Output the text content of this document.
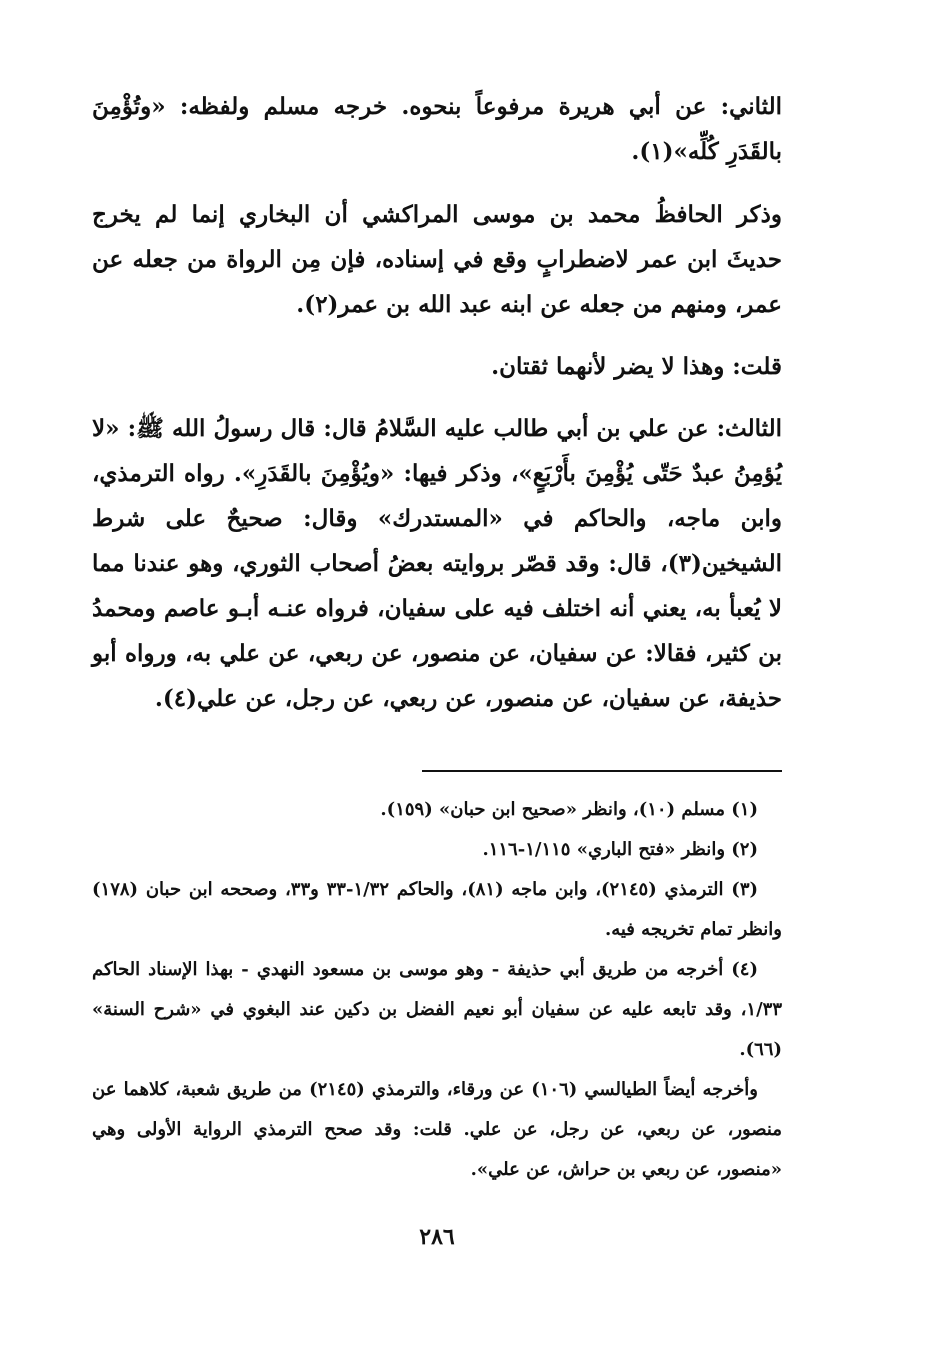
الثاني: عن أبي هريرة مرفوعاً بنحوه. خرجه مسلم ولفظه: «وتُؤْمِنَ بالقَدَرِ كُلِّه»(١).

وذكر الحافظُ محمد بن موسى المراكشي أن البخاري إنما لم يخرج حديثَ ابن عمر لاضطرابٍ وقع في إسناده، فإن مِن الرواة من جعله عن عمر، ومنهم من جعله عن ابنه عبد الله بن عمر(٢).

قلت: وهذا لا يضر لأنهما ثقتان.

الثالث: عن علي بن أبي طالب عليه السَّلامُ قال: قال رسولُ الله ﷺ: «لا يُؤمِنُ عبدٌ حَتّى يُؤْمِنَ بأَرْبَعٍ»، وذكر فيها: «ويُؤْمِنَ بالقَدَرِ». رواه الترمذي، وابن ماجه، والحاكم في «المستدرك» وقال: صحيحٌ على شرط الشيخين(٣)، قال: وقد قصّر بروايته بعضُ أصحاب الثوري، وهو عندنا مما لا يُعبأ به، يعني أنه اختلف فيه على سفيان، فرواه عنـه أبـو عاصم ومحمدُ بن كثير، فقالا: عن سفيان، عن منصور، عن ربعي، عن علي به، ورواه أبو حذيفة، عن سفيان، عن منصور، عن ربعي، عن رجل، عن علي(٤).

(١) مسلم (١٠)، وانظر «صحيح ابن حبان» (١٥٩).

(٢) وانظر «فتح الباري» ١/١١٥-١١٦.

(٣) الترمذي (٢١٤٥)، وابن ماجه (٨١)، والحاكم ١/٣٢-٣٣ و٣٣، وصححه ابن حبان (١٧٨) وانظر تمام تخريجه فيه.

(٤) أخرجه من طريق أبي حذيفة - وهو موسى بن مسعود النهدي - بهذا الإسناد الحاكم ١/٣٣، وقد تابعه عليه عن سفيان أبو نعيم الفضل بن دكين عند البغوي في «شرح السنة» (٦٦).

وأخرجه أيضاً الطيالسي (١٠٦) عن ورقاء، والترمذي (٢١٤٥) من طريق شعبة، كلاهما عن منصور، عن ربعي، عن رجل، عن علي. قلت: وقد صحح الترمذي الرواية الأولى وهي «منصور، عن ربعي بن حراش، عن علي».

٢٨٦
